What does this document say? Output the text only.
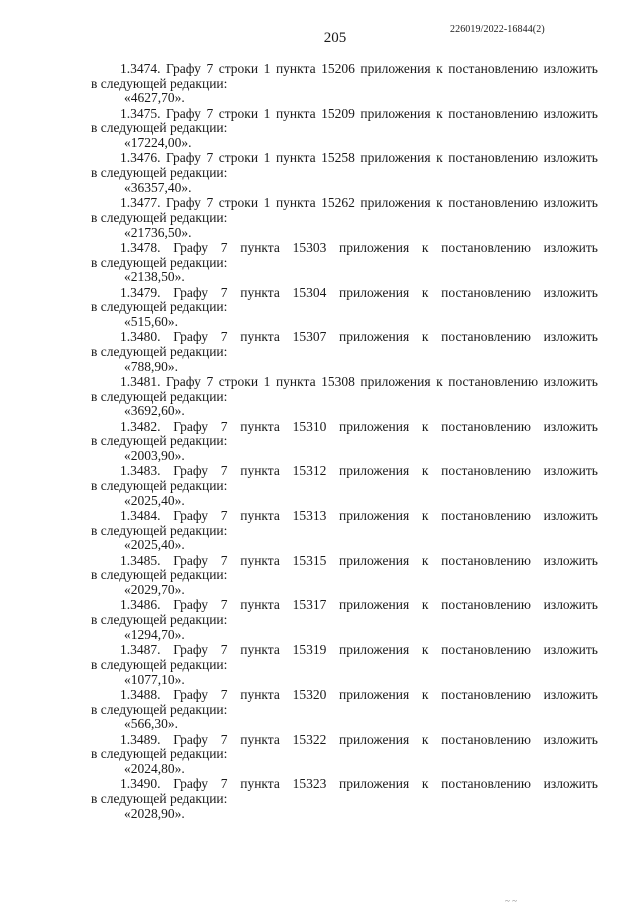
226019/2022-16844(2)
205
1.3474. Графу 7 строки 1 пункта 15206 приложения к постановлению изложить
в следующей редакции:
«4627,70».
1.3475. Графу 7 строки 1 пункта 15209 приложения к постановлению изложить
в следующей редакции:
«17224,00».
1.3476. Графу 7 строки 1 пункта 15258 приложения к постановлению изложить
в следующей редакции:
«36357,40».
1.3477. Графу 7 строки 1 пункта 15262 приложения к постановлению изложить
в следующей редакции:
«21736,50».
1.3478. Графу 7 пункта 15303 приложения к постановлению изложить
в следующей редакции:
«2138,50».
1.3479. Графу 7 пункта 15304 приложения к постановлению изложить
в следующей редакции:
«515,60».
1.3480. Графу 7 пункта 15307 приложения к постановлению изложить
в следующей редакции:
«788,90».
1.3481. Графу 7 строки 1 пункта 15308 приложения к постановлению изложить
в следующей редакции:
«3692,60».
1.3482. Графу 7 пункта 15310 приложения к постановлению изложить
в следующей редакции:
«2003,90».
1.3483. Графу 7 пункта 15312 приложения к постановлению изложить
в следующей редакции:
«2025,40».
1.3484. Графу 7 пункта 15313 приложения к постановлению изложить
в следующей редакции:
«2025,40».
1.3485. Графу 7 пункта 15315 приложения к постановлению изложить
в следующей редакции:
«2029,70».
1.3486. Графу 7 пункта 15317 приложения к постановлению изложить
в следующей редакции:
«1294,70».
1.3487. Графу 7 пункта 15319 приложения к постановлению изложить
в следующей редакции:
«1077,10».
1.3488. Графу 7 пункта 15320 приложения к постановлению изложить
в следующей редакции:
«566,30».
1.3489. Графу 7 пункта 15322 приложения к постановлению изложить
в следующей редакции:
«2024,80».
1.3490. Графу 7 пункта 15323 приложения к постановлению изложить
в следующей редакции:
«2028,90».
~ ~
